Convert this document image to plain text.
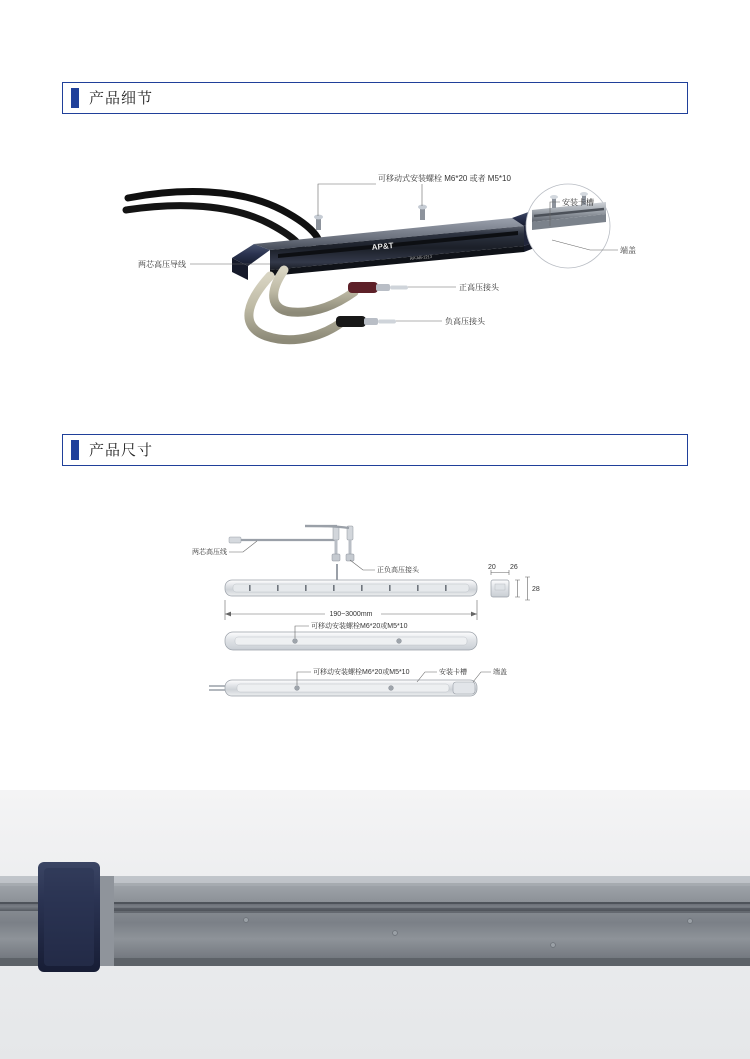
产品细节
AP&T
AP-AB-1213
可移动式安装螺栓 M6*20 或者 M5*10
安装卡槽
端盖
两芯高压导线
正高压接头
负高压接头
产品尺寸
两芯高压线
正负高压接头	20 26
28
190~3000mm
可移动安装螺栓M6*20或M5*10
可移动安装螺栓M6*20或M5*10	安装卡槽	端盖
